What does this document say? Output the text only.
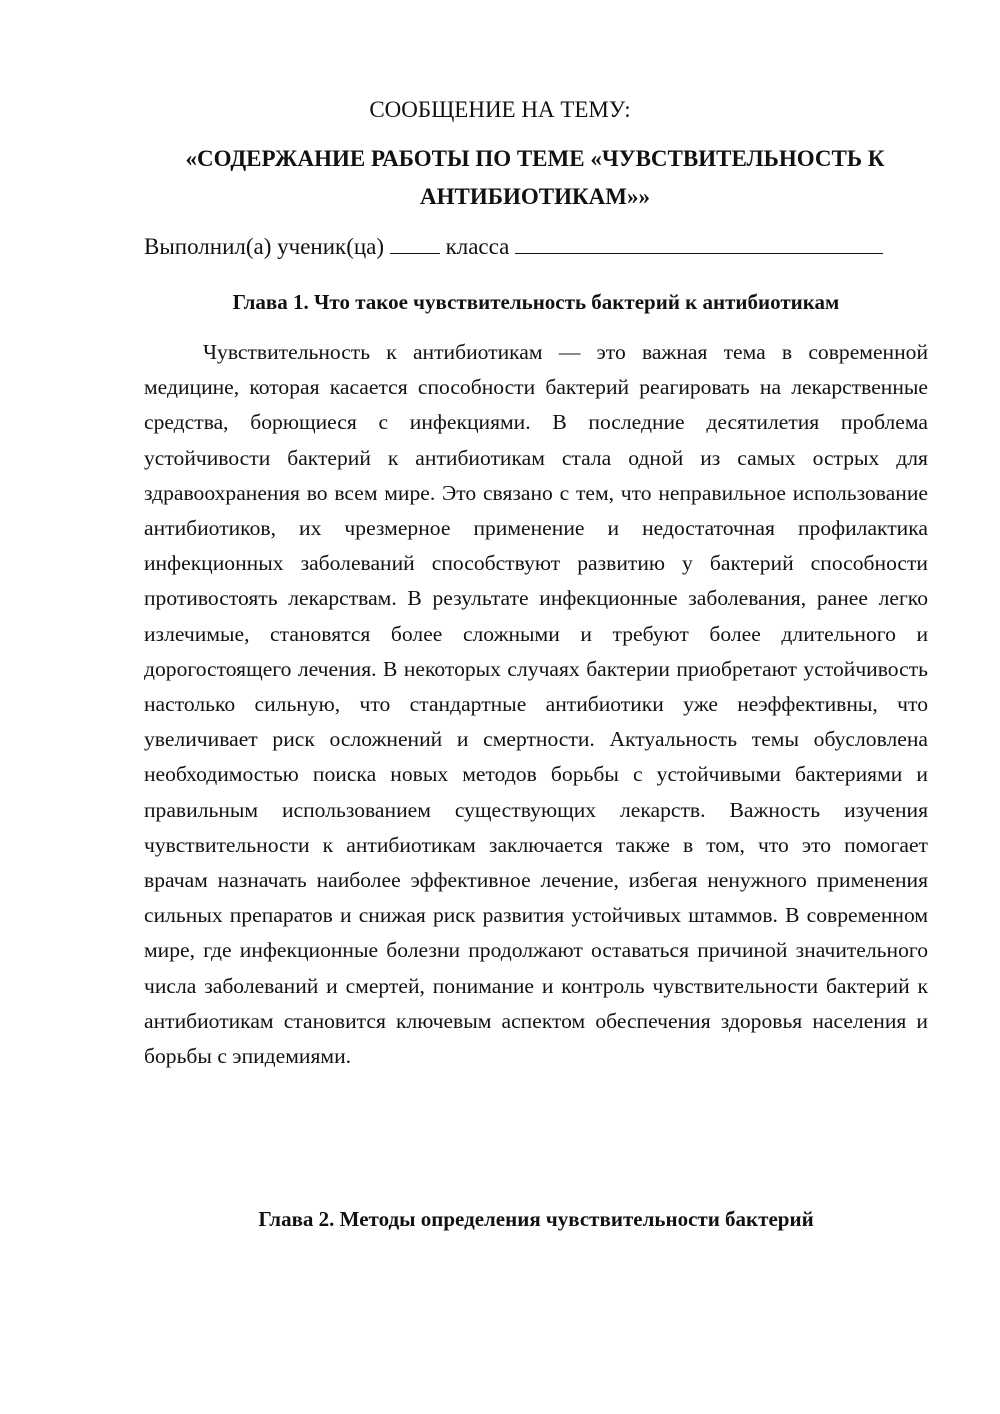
СООБЩЕНИЕ НА ТЕМУ:
«СОДЕРЖАНИЕ РАБОТЫ ПО ТЕМЕ «ЧУВСТВИТЕЛЬНОСТЬ К АНТИБИОТИКАМ»»

Выполнил(а) ученик(ца)	класса

Глава 1. Что такое чувствительность бактерий к антибиотикам

Чувствительность к антибиотикам — это важная тема в современной медицине, которая касается способности бактерий реагировать на лекарственные средства, борющиеся с инфекциями. В последние десятилетия проблема устойчивости бактерий к антибиотикам стала одной из самых острых для здравоохранения во всем мире. Это связано с тем, что неправильное использование антибиотиков, их чрезмерное применение и недостаточная профилактика инфекционных заболеваний способствуют развитию у бактерий способности противостоять лекарствам. В результате инфекционные заболевания, ранее легко излечимые, становятся более сложными и требуют более длительного и дорогостоящего лечения. В некоторых случаях бактерии приобретают устойчивость настолько сильную, что стандартные антибиотики уже неэффективны, что увеличивает риск осложнений и смертности. Актуальность темы обусловлена необходимостью поиска новых методов борьбы с устойчивыми бактериями и правильным использованием существующих лекарств. Важность изучения чувствительности к антибиотикам заключается также в том, что это помогает врачам назначать наиболее эффективное лечение, избегая ненужного применения сильных препаратов и снижая риск развития устойчивых штаммов. В современном мире, где инфекционные болезни продолжают оставаться причиной значительного числа заболеваний и смертей, понимание и контроль чувствительности бактерий к антибиотикам становится ключевым аспектом обеспечения здоровья населения и борьбы с эпидемиями.

Глава 2. Методы определения чувствительности бактерий
